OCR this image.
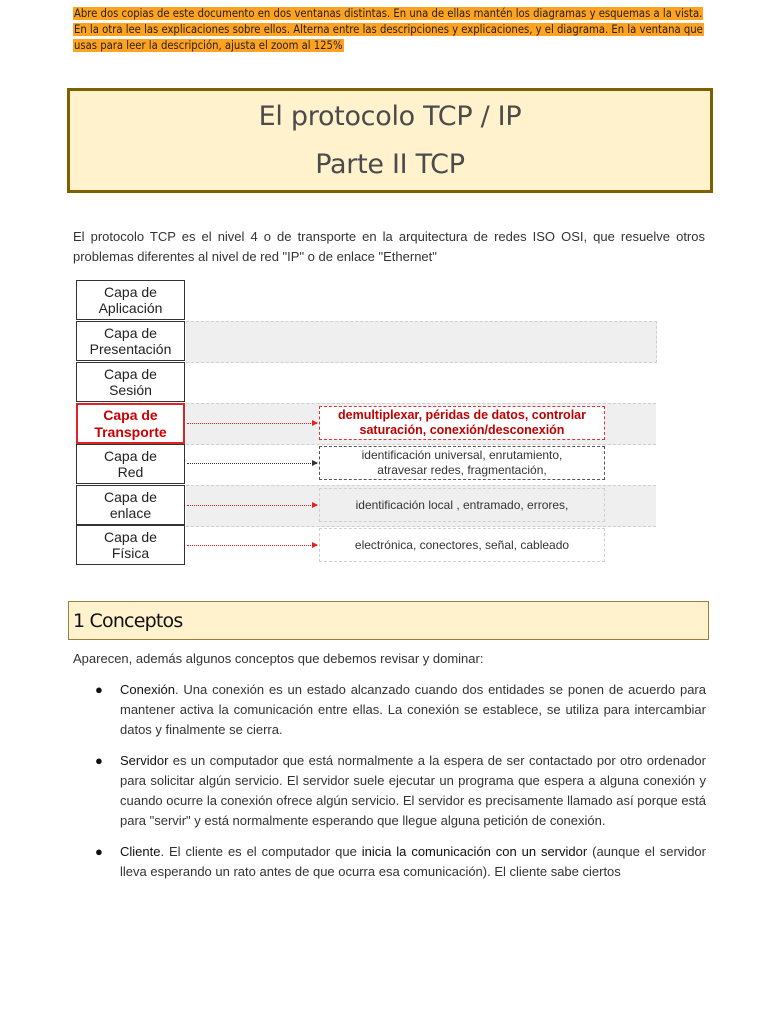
Abre dos copias de este documento en dos ventanas distintas. En una de ellas mantén los diagramas y esquemas a la vista. En la otra lee las explicaciones sobre ellos. Alterna entre las descripciones y explicaciones, y el diagrama. En la ventana que usas para leer la descripción, ajusta el zoom al 125%
El protocolo TCP / IP
Parte II TCP
El protocolo TCP es el nivel 4 o de transporte en la arquitectura de redes ISO OSI, que resuelve otros problemas diferentes al nivel de red "IP" o de enlace "Ethernet"
Capa de
Aplicación
Capa de
Presentación
Capa de
Sesión
Capa de
Transporte
Capa de
Red
Capa de
enlace
Capa de
Física
demultiplexar, péridas de datos, controlar
saturación, conexión/desconexión
identificación universal, enrutamiento,
atravesar redes, fragmentación,
identificación local , entramado, errores,
electrónica, conectores, señal, cableado
1 Conceptos
Aparecen, además algunos conceptos que debemos revisar y dominar:
● Conexión. Una conexión es un estado alcanzado cuando dos entidades se ponen de acuerdo para mantener activa la comunicación entre ellas. La conexión se establece, se utiliza para intercambiar datos y finalmente se cierra.
● Servidor es un computador que está normalmente a la espera de ser contactado por otro ordenador para solicitar algún servicio. El servidor suele ejecutar un programa que espera a alguna conexión y cuando ocurre la conexión ofrece algún servicio. El servidor es precisamente llamado así porque está para "servir" y está normalmente esperando que llegue alguna petición de conexión.
● Cliente. El cliente es el computador que inicia la comunicación con un servidor (aunque el servidor lleva esperando un rato antes de que ocurra esa comunicación). El cliente sabe ciertos
